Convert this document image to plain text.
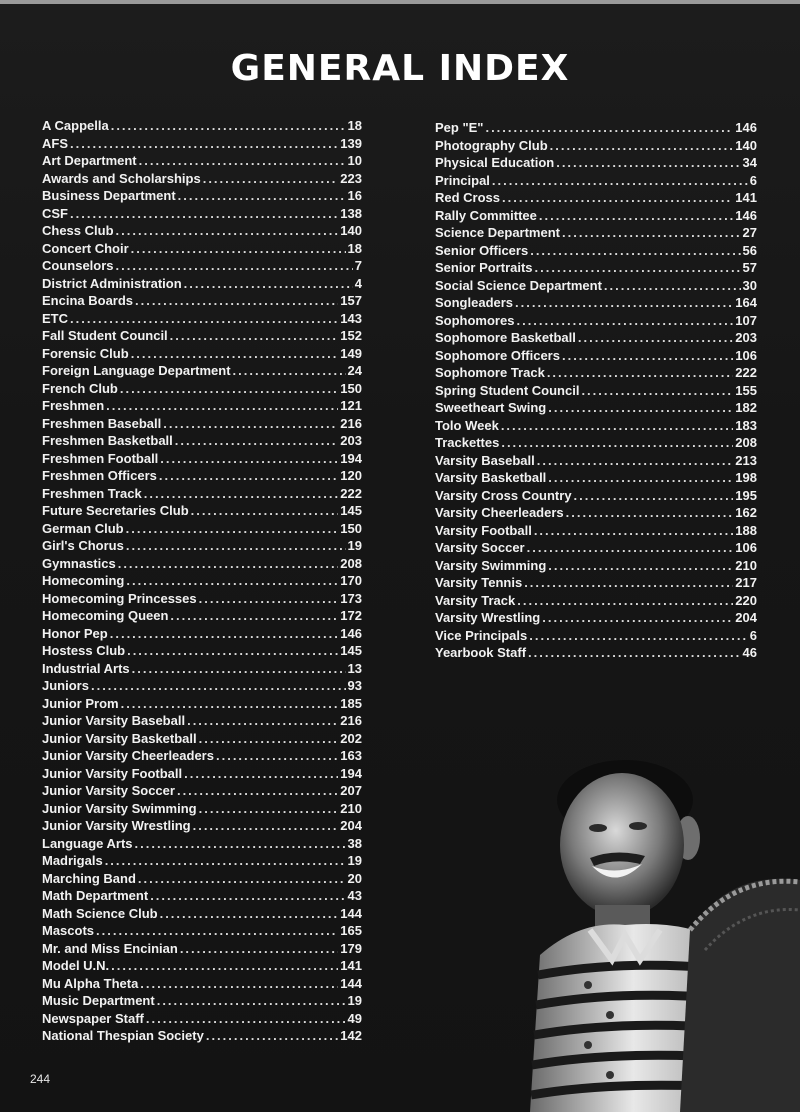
GENERAL INDEX
A Cappella .....	18
AFS .....	139
Art Department .....	10
Awards and Scholarships .....	223
Business Department .....	16
CSF .....	138
Chess Club .....	140
Concert Choir .....	18
Counselors .....	7
District Administration .....	4
Encina Boards .....	157
ETC .....	143
Fall Student Council .....	152
Forensic Club .....	149
Foreign Language Department .....	24
French Club .....	150
Freshmen .....	121
Freshmen Baseball .....	216
Freshmen Basketball .....	203
Freshmen Football .....	194
Freshmen Officers .....	120
Freshmen Track .....	222
Future Secretaries Club .....	145
German Club .....	150
Girl's Chorus .....	19
Gymnastics .....	208
Homecoming .....	170
Homecoming Princesses .....	173
Homecoming Queen .....	172
Honor Pep .....	146
Hostess Club .....	145
Industrial Arts .....	13
Juniors .....	93
Junior Prom .....	185
Junior Varsity Baseball .....	216
Junior Varsity Basketball .....	202
Junior Varsity Cheerleaders .....	163
Junior Varsity Football .....	194
Junior Varsity Soccer .....	207
Junior Varsity Swimming .....	210
Junior Varsity Wrestling .....	204
Language Arts .....	38
Madrigals .....	19
Marching Band .....	20
Math Department .....	43
Math Science Club .....	144
Mascots .....	165
Mr. and Miss Encinian .....	179
Model U.N. .....	141
Mu Alpha Theta .....	144
Music Department .....	19
Newspaper Staff .....	49
National Thespian Society .....	142
Pep "E" .....	146
Photography Club .....	140
Physical Education .....	34
Principal .....	6
Red Cross .....	141
Rally Committee .....	146
Science Department .....	27
Senior Officers .....	56
Senior Portraits .....	57
Social Science Department .....	30
Songleaders .....	164
Sophomores .....	107
Sophomore Basketball .....	203
Sophomore Officers .....	106
Sophomore Track .....	222
Spring Student Council .....	155
Sweetheart Swing .....	182
Tolo Week .....	183
Trackettes .....	208
Varsity Baseball .....	213
Varsity Basketball .....	198
Varsity Cross Country .....	195
Varsity Cheerleaders .....	162
Varsity Football .....	188
Varsity Soccer .....	106
Varsity Swimming .....	210
Varsity Tennis .....	217
Varsity Track .....	220
Varsity Wrestling .....	204
Vice Principals .....	6
Yearbook Staff .....	46
244
